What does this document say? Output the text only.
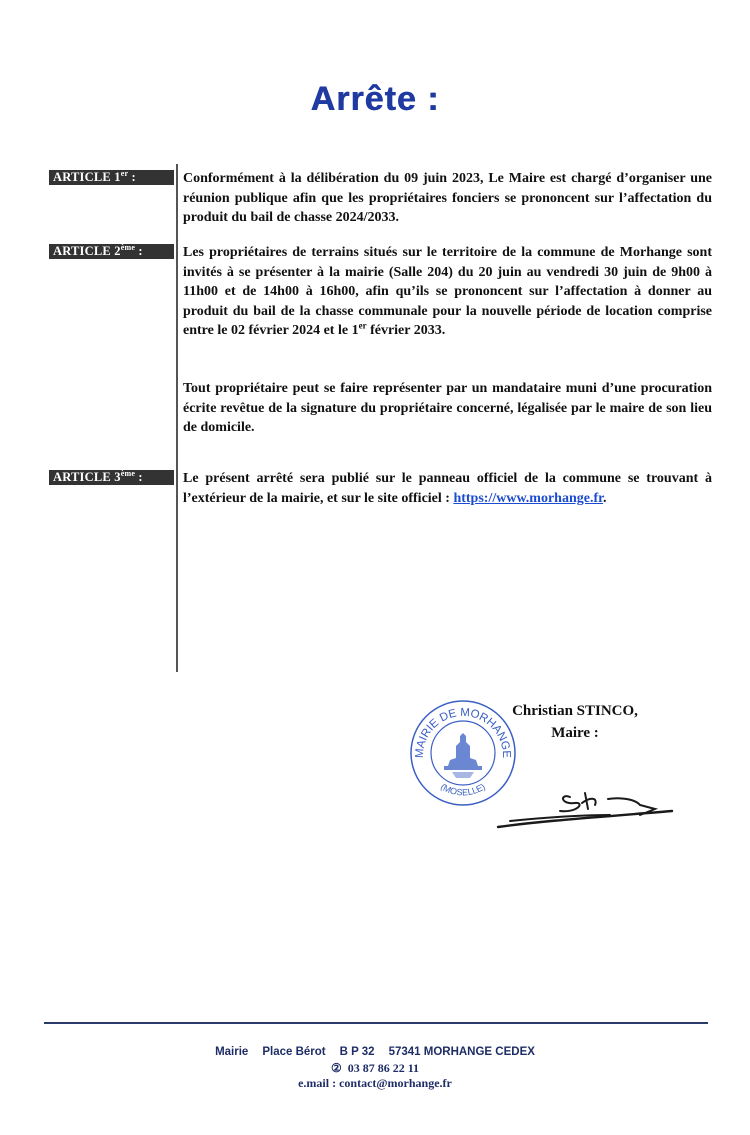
Arrête :
ARTICLE 1er :	Conformément à la délibération du 09 juin 2023, Le Maire est chargé d’organiser une réunion publique afin que les propriétaires fonciers se prononcent sur l’affectation du produit du bail de chasse 2024/2033.
ARTICLE 2ème :	Les propriétaires de terrains situés sur le territoire de la commune de Morhange sont invités à se présenter à la mairie (Salle 204) du 20 juin au vendredi 30 juin de 9h00 à 11h00 et de 14h00 à 16h00, afin qu’ils se prononcent sur l’affectation à donner au produit du bail de la chasse communale pour la nouvelle période de location comprise entre le 02 février 2024 et le 1er février 2033.
Tout propriétaire peut se faire représenter par un mandataire muni d’une procuration écrite revêtue de la signature du propriétaire concerné, légalisée par le maire de son lieu de domicile.
ARTICLE 3ème :	Le présent arrêté sera publié sur le panneau officiel de la commune se trouvant à l’extérieur de la mairie, et sur le site officiel : https://www.morhange.fr.
MAIRIE DE MORHANGE
(MOSELLE)
Christian STINCO,
Maire :
Mairie Place Bérot B P 32 57341 MORHANGE CEDEX
② 03 87 86 22 11
e.mail : contact@morhange.fr
